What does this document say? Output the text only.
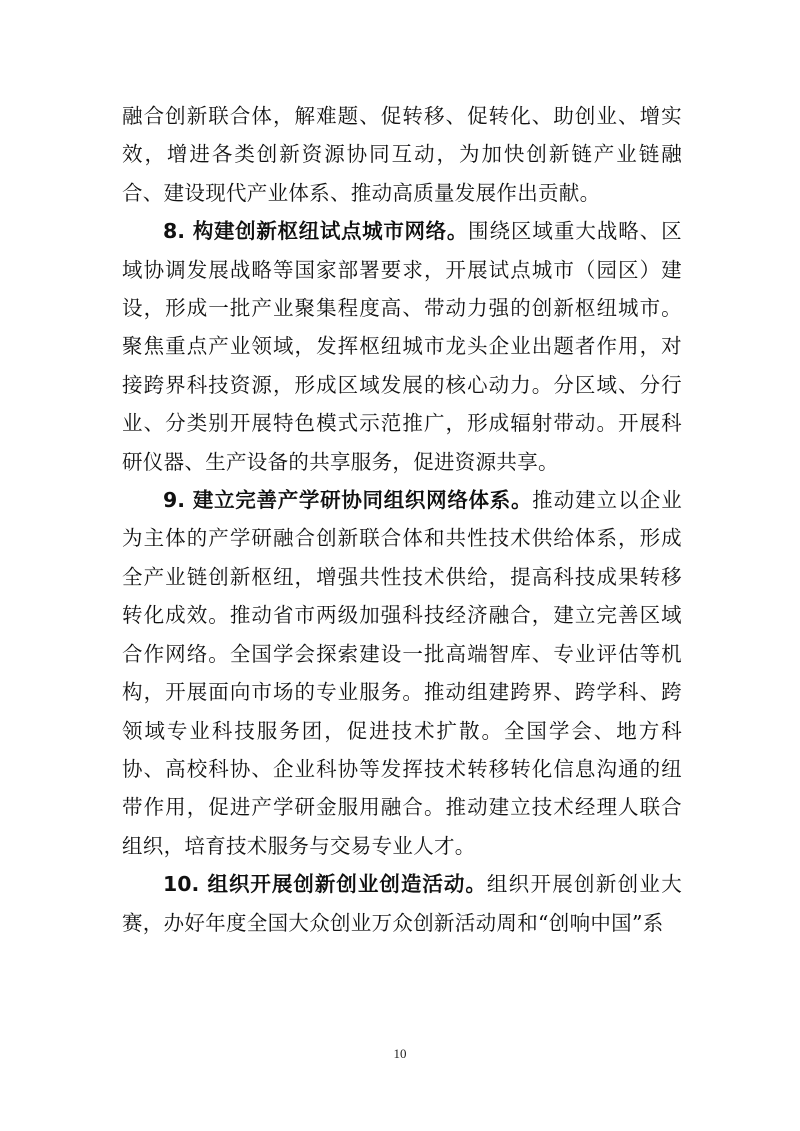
融合创新联合体，解难题、促转移、促转化、助创业、增实效，增进各类创新资源协同互动，为加快创新链产业链融合、建设现代产业体系、推动高质量发展作出贡献。

8. 构建创新枢纽试点城市网络。围绕区域重大战略、区域协调发展战略等国家部署要求，开展试点城市（园区）建设，形成一批产业聚集程度高、带动力强的创新枢纽城市。聚焦重点产业领域，发挥枢纽城市龙头企业出题者作用，对接跨界科技资源，形成区域发展的核心动力。分区域、分行业、分类别开展特色模式示范推广，形成辐射带动。开展科研仪器、生产设备的共享服务，促进资源共享。

9. 建立完善产学研协同组织网络体系。推动建立以企业为主体的产学研融合创新联合体和共性技术供给体系，形成全产业链创新枢纽，增强共性技术供给，提高科技成果转移转化成效。推动省市两级加强科技经济融合，建立完善区域合作网络。全国学会探索建设一批高端智库、专业评估等机构，开展面向市场的专业服务。推动组建跨界、跨学科、跨领域专业科技服务团，促进技术扩散。全国学会、地方科协、高校科协、企业科协等发挥技术转移转化信息沟通的纽带作用，促进产学研金服用融合。推动建立技术经理人联合组织，培育技术服务与交易专业人才。

10. 组织开展创新创业创造活动。组织开展创新创业大赛，办好年度全国大众创业万众创新活动周和“创响中国”系

10
